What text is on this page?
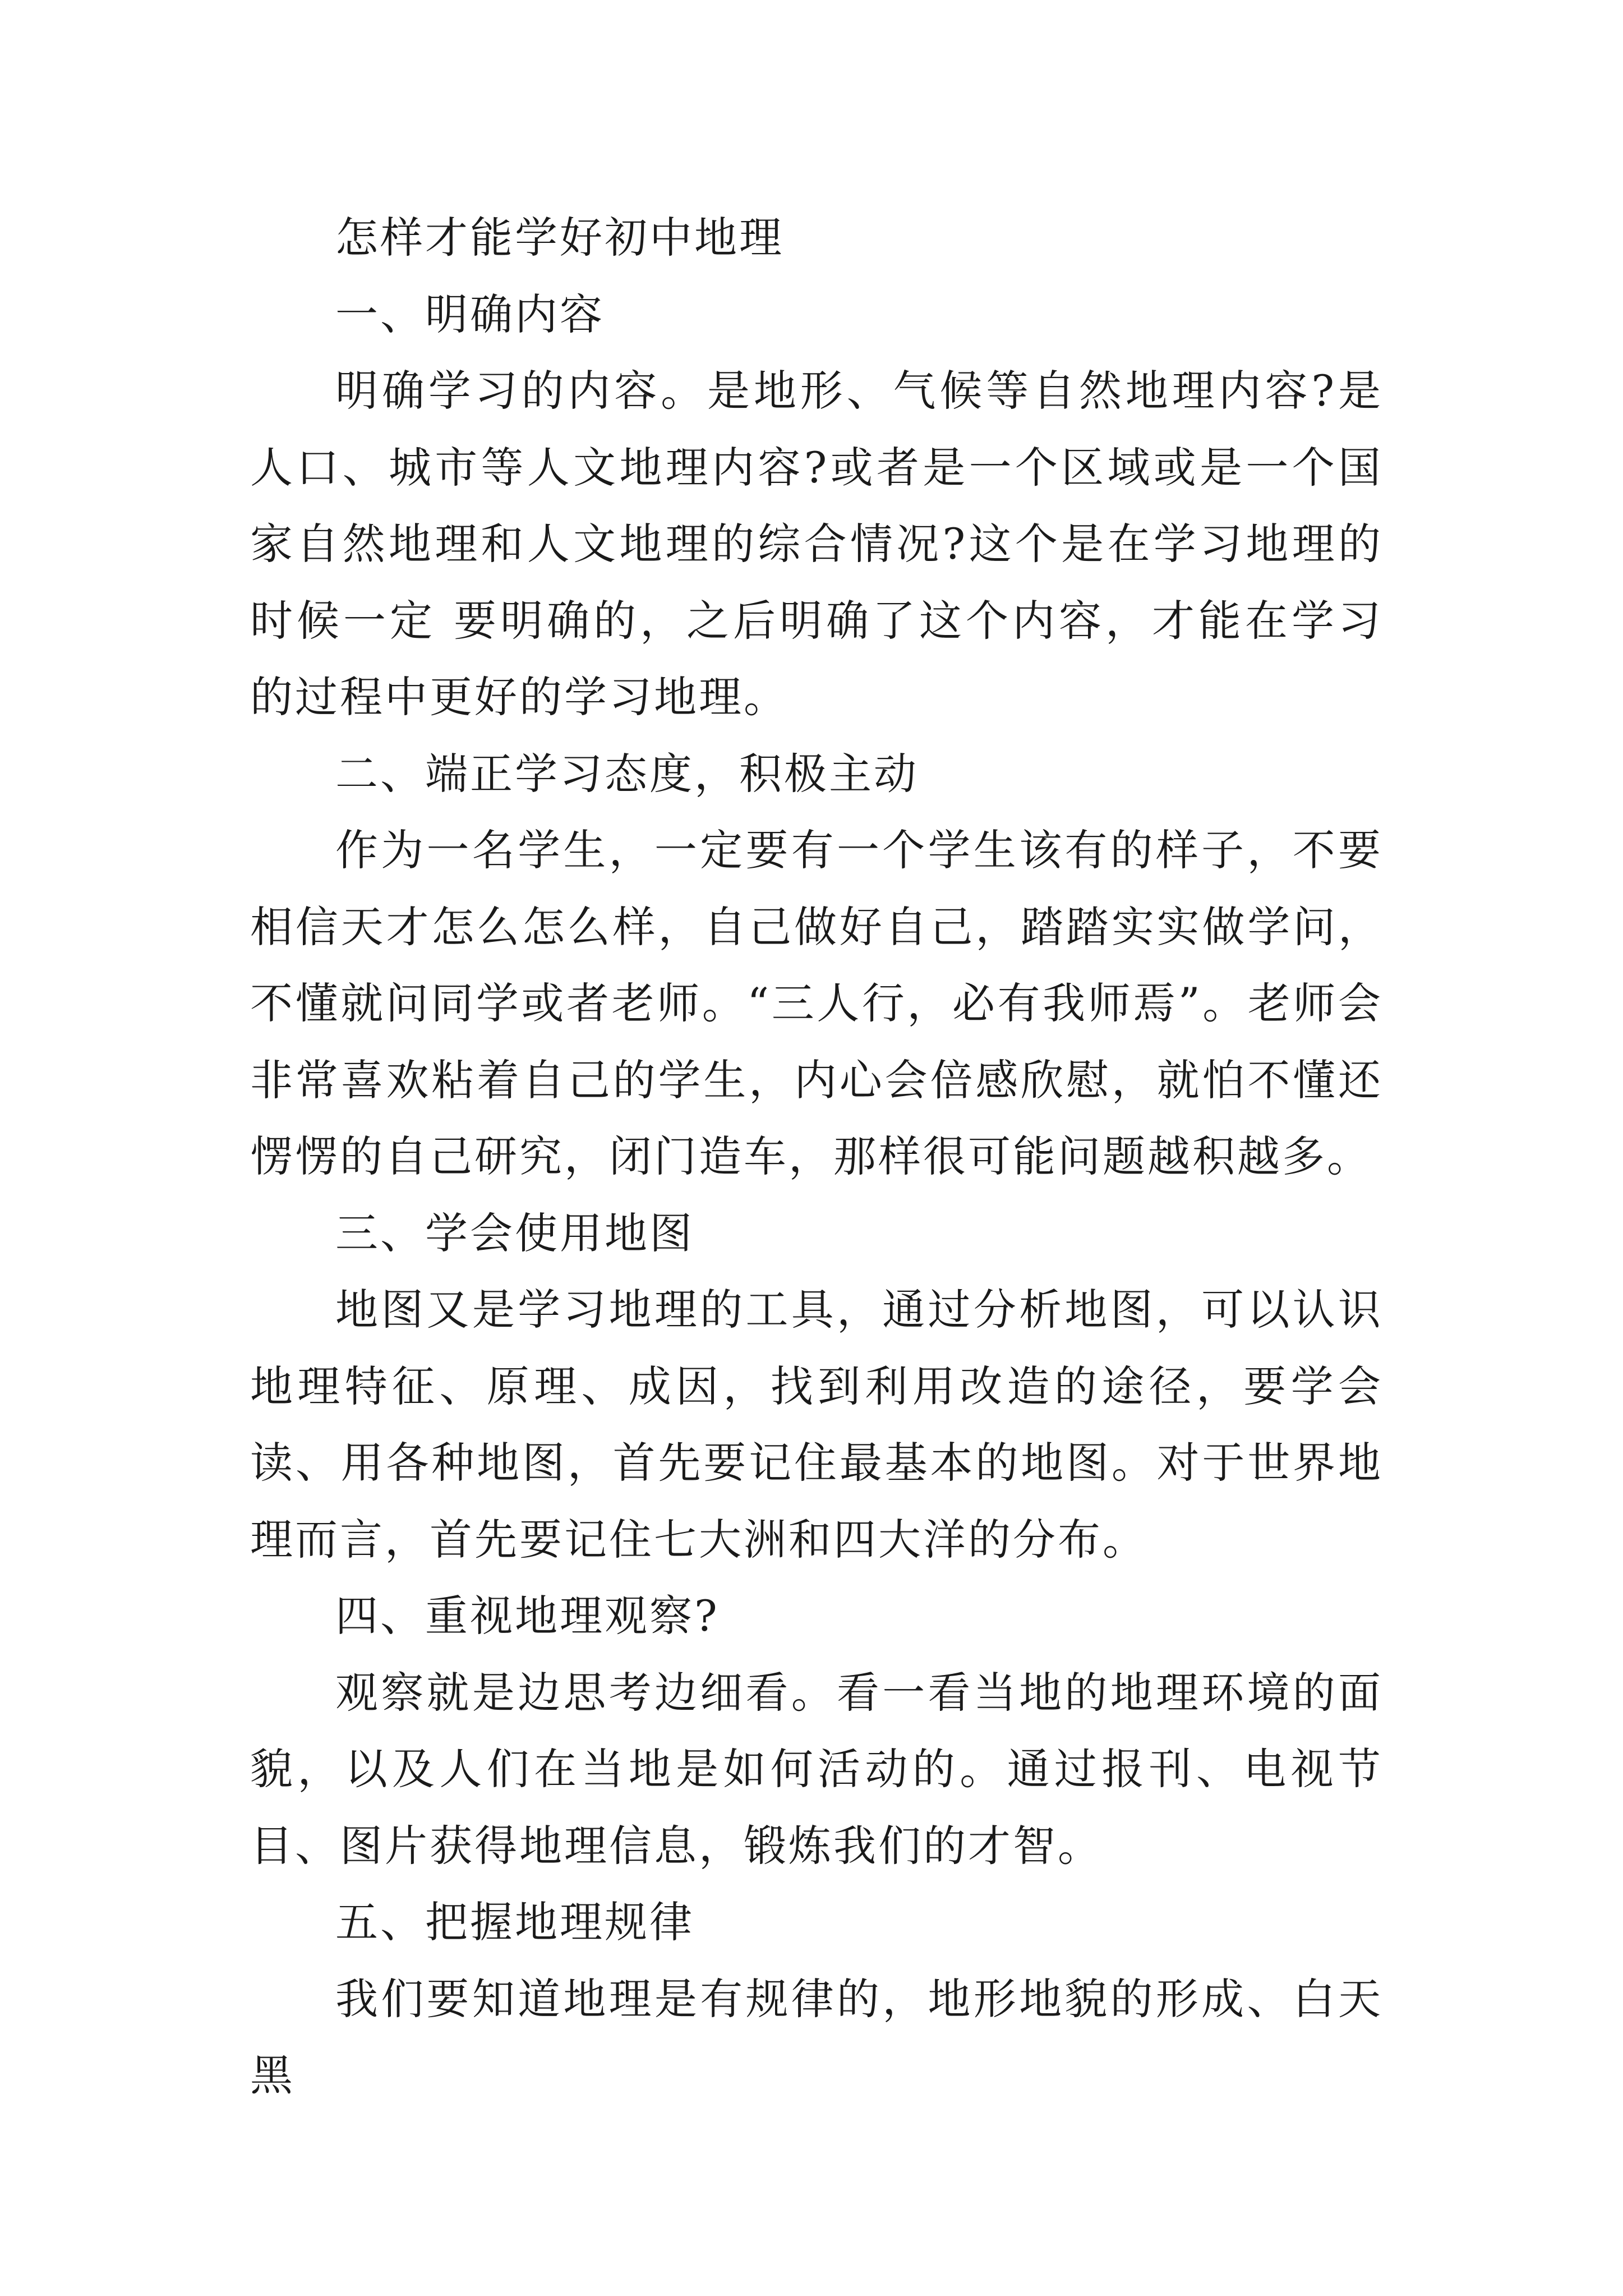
怎样才能学好初中地理

一、明确内容

明确学习的内容。是地形、气候等自然地理内容?是人口、城市等人文地理内容?或者是一个区域或是一个国家自然地理和人文地理的综合情况?这个是在学习地理的时候一定 要明确的，之后明确了这个内容，才能在学习的过程中更好的学习地理。

二、端正学习态度，积极主动

作为一名学生，一定要有一个学生该有的样子，不要相信天才怎么怎么样，自己做好自己，踏踏实实做学问，不懂就问同学或者老师。“三人行，必有我师焉”。老师会非常喜欢粘着自己的学生，内心会倍感欣慰，就怕不懂还愣愣的自己研究，闭门造车，那样很可能问题越积越多。

三、学会使用地图

地图又是学习地理的工具，通过分析地图，可以认识地理特征、原理、成因，找到利用改造的途径，要学会读、用各种地图，首先要记住最基本的地图。对于世界地理而言，首先要记住七大洲和四大洋的分布。

四、重视地理观察?

观察就是边思考边细看。看一看当地的地理环境的面貌，以及人们在当地是如何活动的。通过报刊、电视节目、图片获得地理信息，锻炼我们的才智。

五、把握地理规律

我们要知道地理是有规律的，地形地貌的形成、白天黑
